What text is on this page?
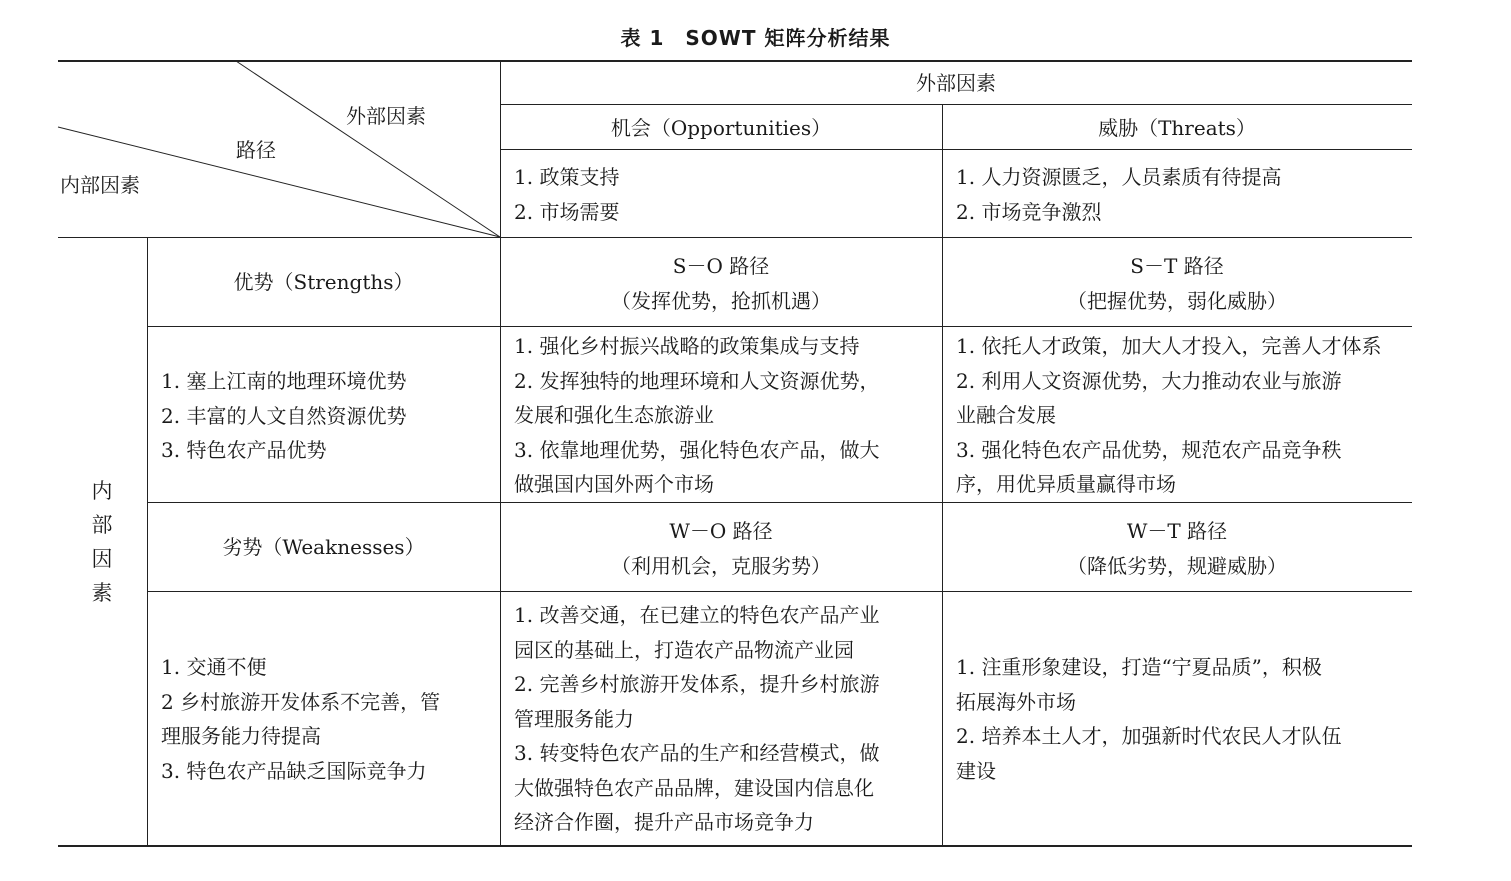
表 1　SOWT 矩阵分析结果
外部因素
路径
内部因素
外部因素
机会（Opportunities）	威胁（Threats）
1. 政策支持
2. 市场需要
1. 人力资源匮乏，人员素质有待提高
2. 市场竞争激烈
内
部
因
素
优势（Strengths）
S－O 路径
（发挥优势，抢抓机遇）
S－T 路径
（把握优势，弱化威胁）
1. 塞上江南的地理环境优势
2. 丰富的人文自然资源优势
3. 特色农产品优势
1. 强化乡村振兴战略的政策集成与支持
2. 发挥独特的地理环境和人文资源优势，
发展和强化生态旅游业
3. 依靠地理优势，强化特色农产品，做大
做强国内国外两个市场
1. 依托人才政策，加大人才投入，完善人才体系
2. 利用人文资源优势，大力推动农业与旅游
业融合发展
3. 强化特色农产品优势，规范农产品竞争秩
序，用优异质量赢得市场
劣势（Weaknesses）
W－O 路径
（利用机会，克服劣势）
W－T 路径
（降低劣势，规避威胁）
1. 交通不便
2 乡村旅游开发体系不完善，管
理服务能力待提高
3. 特色农产品缺乏国际竞争力
1. 改善交通，在已建立的特色农产品产业
园区的基础上，打造农产品物流产业园
2. 完善乡村旅游开发体系，提升乡村旅游
管理服务能力
3. 转变特色农产品的生产和经营模式，做
大做强特色农产品品牌，建设国内信息化
经济合作圈，提升产品市场竞争力
1. 注重形象建设，打造“宁夏品质”，积极
拓展海外市场
2. 培养本土人才，加强新时代农民人才队伍
建设
